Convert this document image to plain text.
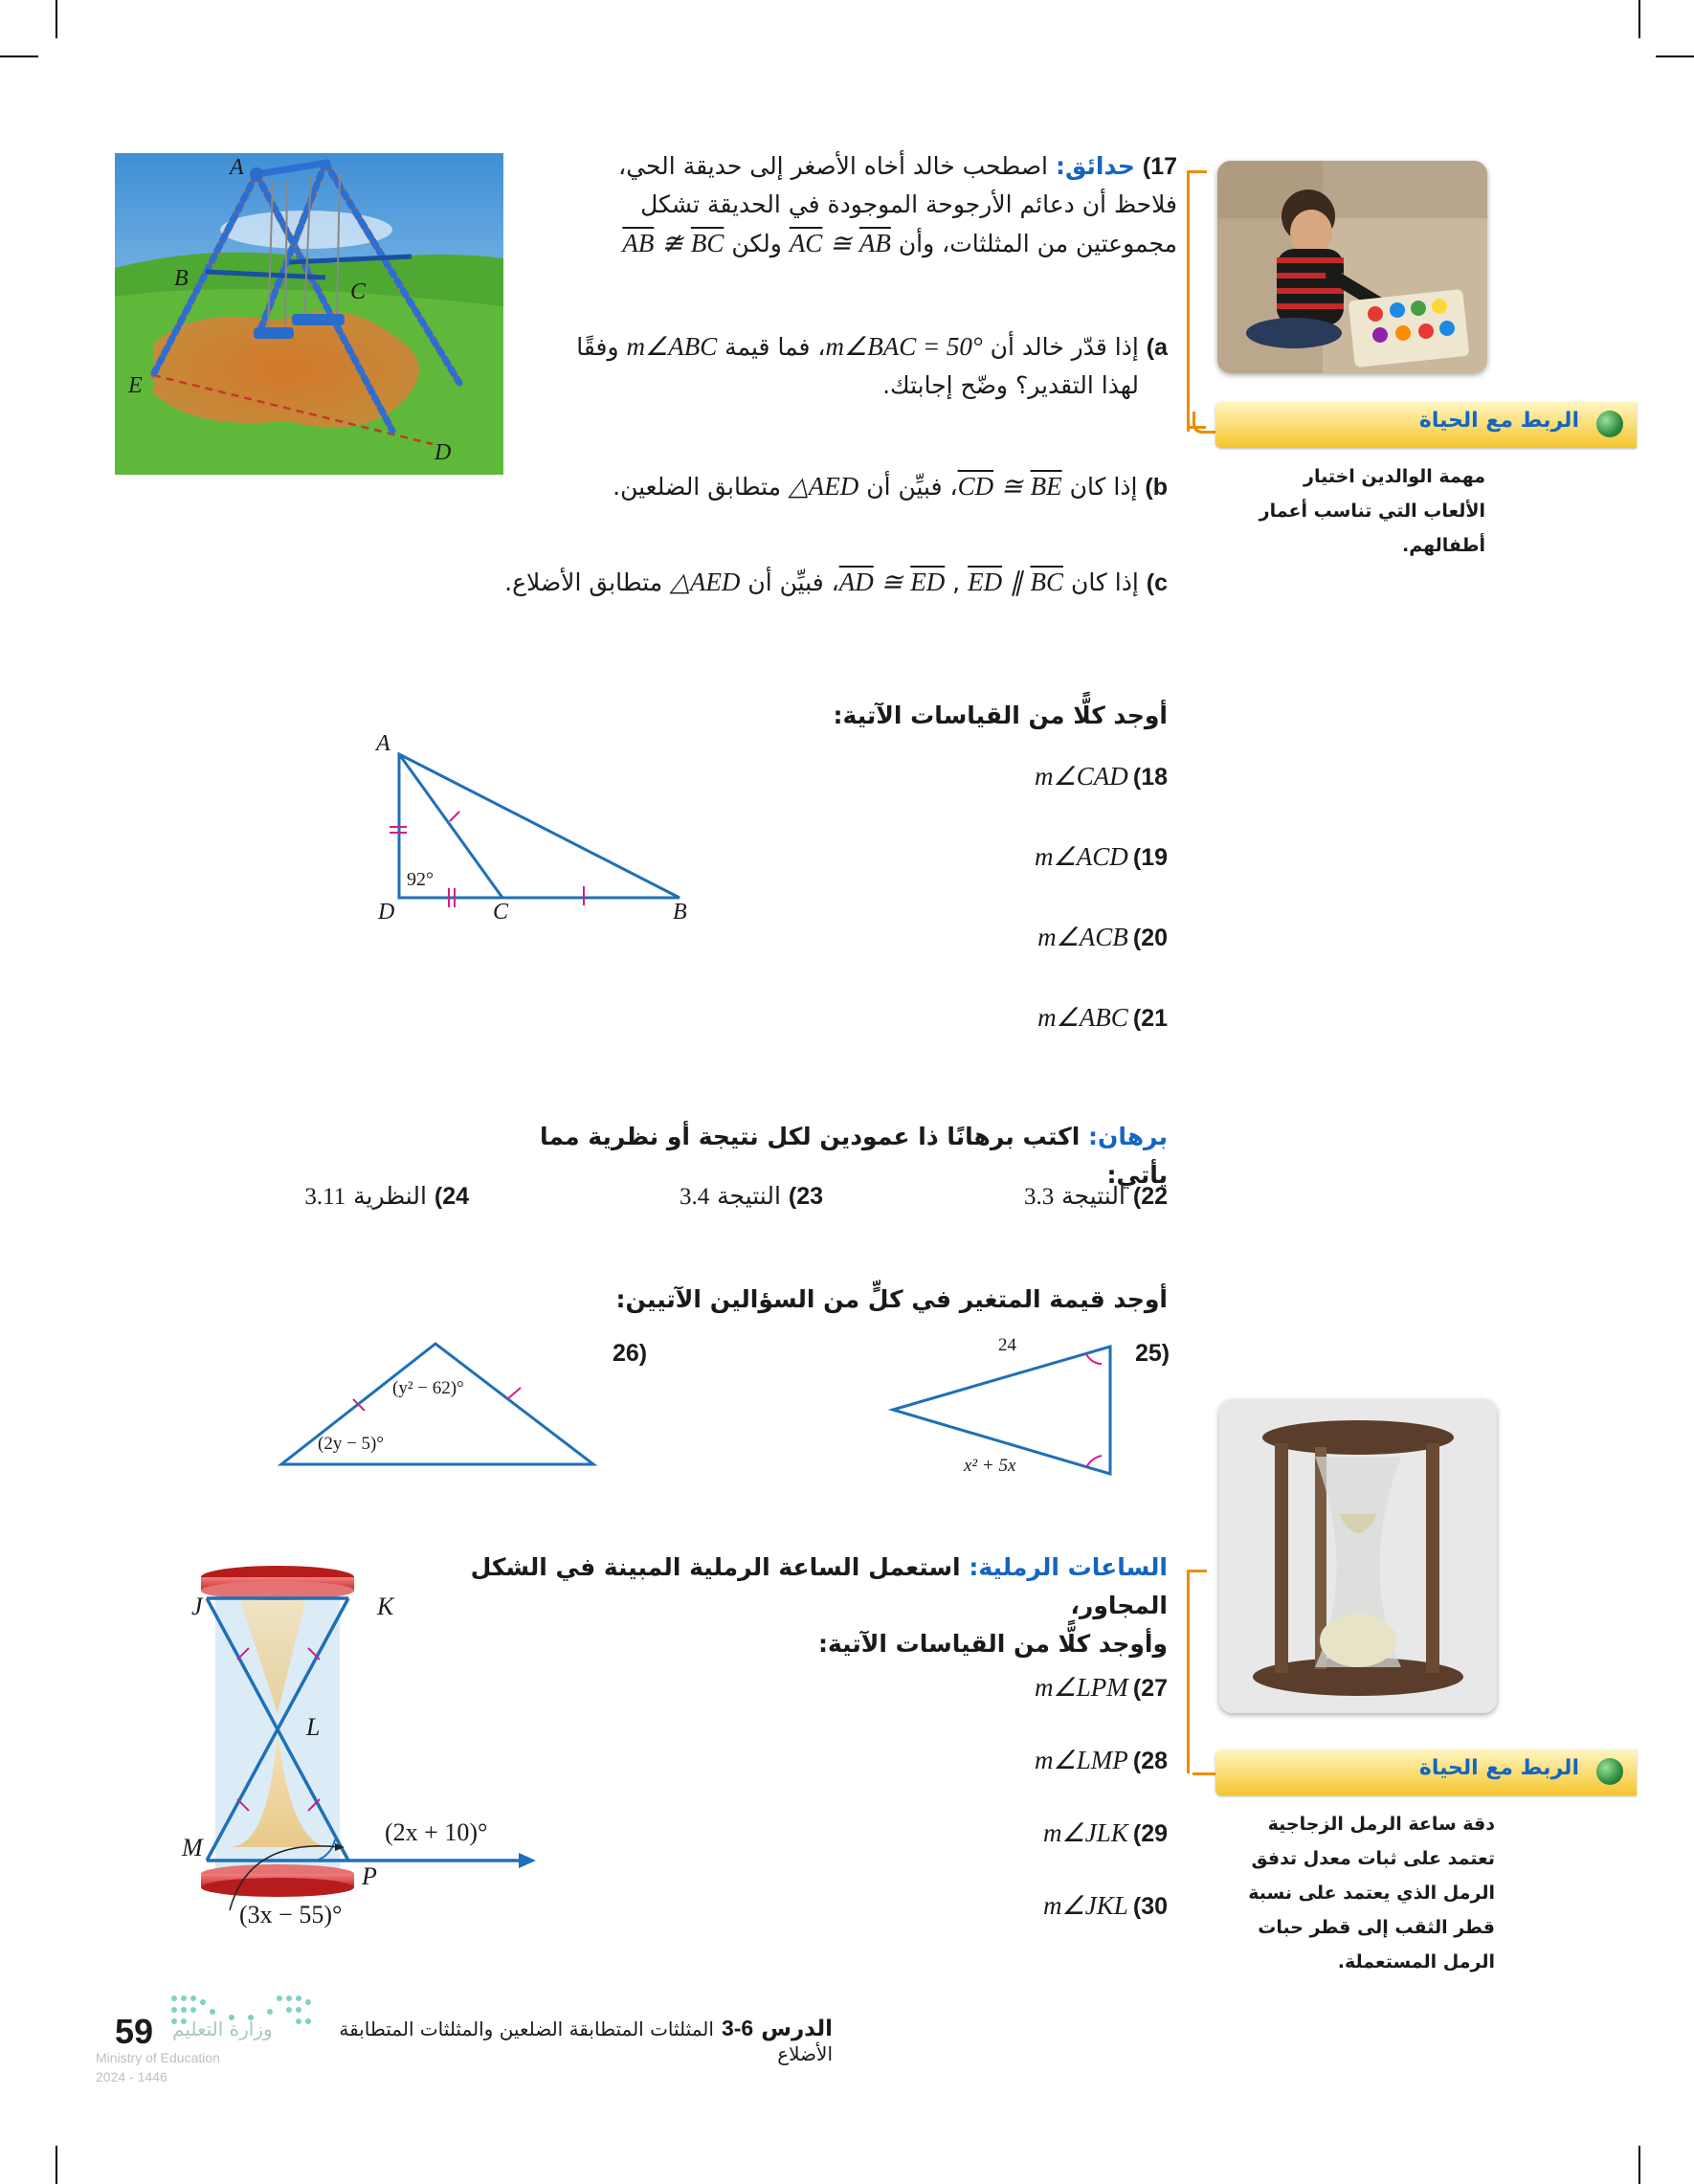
A
B
C
E
D
17) حدائق: اصطحب خالد أخاه الأصغر إلى حديقة الحي،
فلاحظ أن دعائم الأرجوحة الموجودة في الحديقة تشكل
مجموعتين من المثلثات، وأن AC ≅ AB ولكن AB ≇ BC
a) إذا قدّر خالد أن m∠BAC = 50°، فما قيمة m∠ABC وفقًا
لهذا التقدير؟ وضّح إجابتك.
b) إذا كان CD ≅ BE، فبيِّن أن △AED متطابق الضلعين.
c) إذا كان AD ≅ ED , ED ∥ BC، فبيِّن أن △AED متطابق الأضلاع.
الربط مع الحياة
مهمة الوالدين اختيار
الألعاب التي تناسب أعمار
أطفالهم.
أوجد كلًّا من القياسات الآتية:
A
D	C	B
92°
18) m∠CAD
19) m∠ACD
20) m∠ACB
21) m∠ABC
برهان: اكتب برهانًا ذا عمودين لكل نتيجة أو نظرية مما يأتي:
22) النتيجة 3.3
23) النتيجة 3.4
24) النظرية 3.11
أوجد قيمة المتغير في كلٍّ من السؤالين الآتيين:
25)
24
x² + 5x
26)
(y² − 62)°
(2y − 5)°
الربط مع الحياة
دقة ساعة الرمل الزجاجية
تعتمد على ثبات معدل تدفق
الرمل الذي يعتمد على نسبة
قطر الثقب إلى قطر حبات
الرمل المستعملة.
الساعات الرملية: استعمل الساعة الرملية المبينة في الشكل المجاور،
وأوجد كلًّا من القياسات الآتية:
27) m∠LPM
28) m∠LMP
29) m∠JLK
30) m∠JKL
J	K
L
M
P
(2x + 10)°
(3x − 55)°
59 وزارة التعليم
Ministry of Education
2024 - 1446
الدرس 3-6 المثلثات المتطابقة الضلعين والمثلثات المتطابقة الأضلاع
